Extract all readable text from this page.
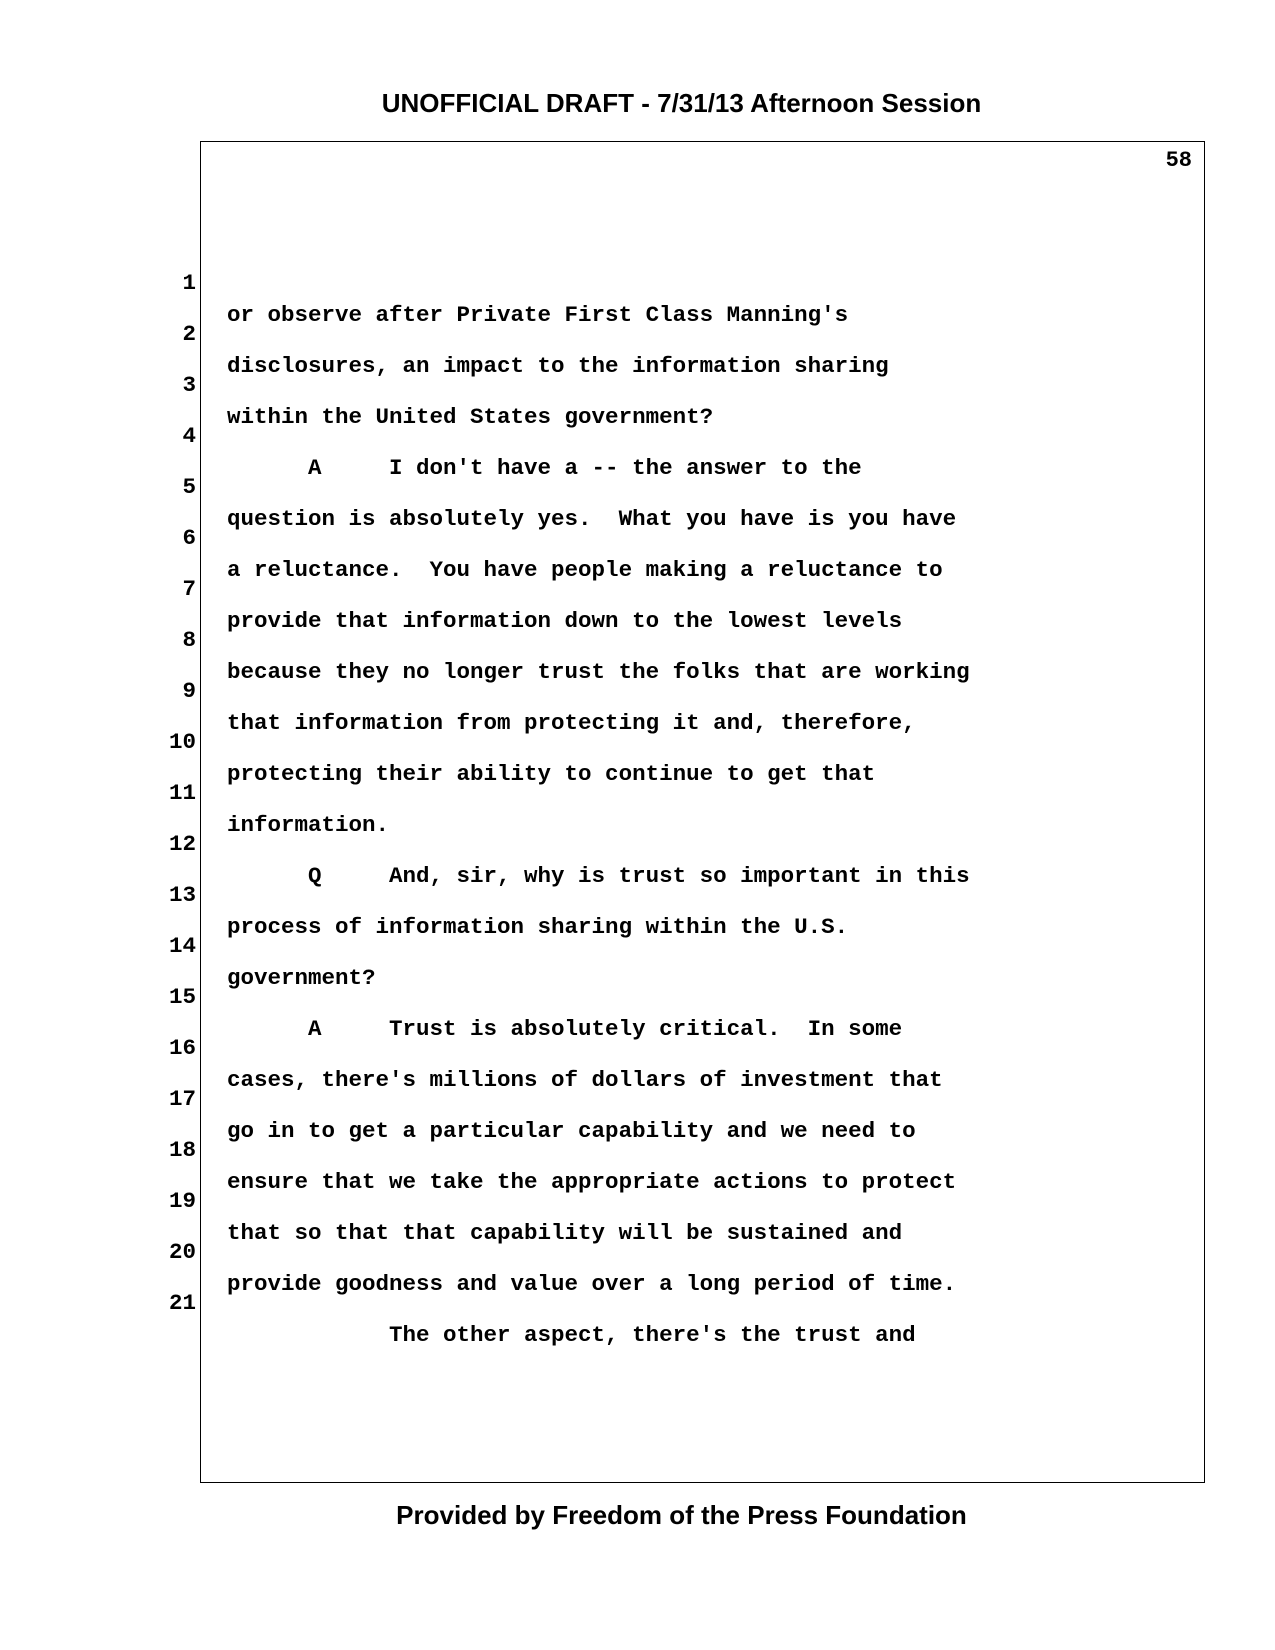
UNOFFICIAL DRAFT - 7/31/13 Afternoon Session
58

1

or observe after Private First Class Manning's

2

disclosures, an impact to the information sharing

3

within the United States government?

4

A     I don't have a -- the answer to the

5

question is absolutely yes.  What you have is you have

6

a reluctance.  You have people making a reluctance to

7

provide that information down to the lowest levels

8

because they no longer trust the folks that are working

9

that information from protecting it and, therefore,

10

protecting their ability to continue to get that

11

information.

12

Q     And, sir, why is trust so important in this

13

process of information sharing within the U.S.

14

government?

15

A     Trust is absolutely critical.  In some

16

cases, there's millions of dollars of investment that

17

go in to get a particular capability and we need to

18

ensure that we take the appropriate actions to protect

19

that so that that capability will be sustained and

20

provide goodness and value over a long period of time.

21

The other aspect, there's the trust and

Provided by Freedom of the Press Foundation
